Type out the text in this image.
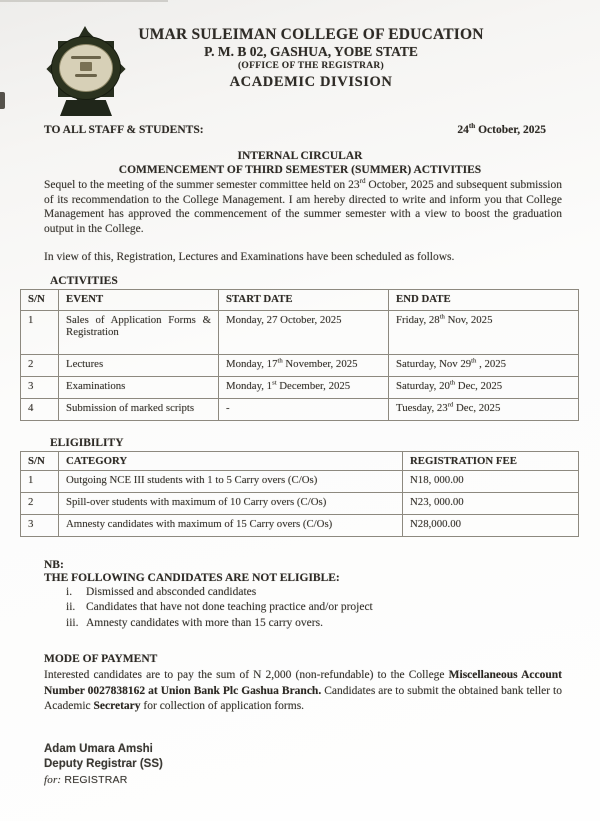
UMAR SULEIMAN COLLEGE OF EDUCATION
P. M. B 02, GASHUA, YOBE STATE
(OFFICE OF THE REGISTRAR)
ACADEMIC DIVISION
TO ALL STAFF & STUDENTS:	24th October, 2025
INTERNAL CIRCULAR
COMMENCEMENT OF THIRD SEMESTER (SUMMER) ACTIVITIES

Sequel to the meeting of the summer semester committee held on 23rd October, 2025 and subsequent submission of its recommendation to the College Management. I am hereby directed to write and inform you that College Management has approved the commencement of the summer semester with a view to boost the graduation output in the College.

In view of this, Registration, Lectures and Examinations have been scheduled as follows.

ACTIVITIES
S/N	EVENT	START DATE	END DATE
1	Sales of Application Forms & Registration	Monday, 27 October, 2025	Friday, 28th Nov, 2025
2	Lectures	Monday, 17th November, 2025	Saturday, Nov 29th , 2025
3	Examinations	Monday, 1st December, 2025	Saturday, 20th Dec, 2025
4	Submission of marked scripts	-	Tuesday, 23rd Dec, 2025
ELIGIBILITY
S/N	CATEGORY	REGISTRATION FEE
1	Outgoing NCE III students with 1 to 5 Carry overs (C/Os)	N18, 000.00
2	Spill-over students with maximum of 10 Carry overs (C/Os)	N23, 000.00
3	Amnesty candidates with maximum of 15 Carry overs (C/Os)	N28,000.00
NB:
THE FOLLOWING CANDIDATES ARE NOT ELIGIBLE:
i.	Dismissed and absconded candidates
ii. Candidates that have not done teaching practice and/or project
iii. Amnesty candidates with more than 15 carry overs.
MODE OF PAYMENT

Interested candidates are to pay the sum of N 2,000 (non-refundable) to the College Miscellaneous Account Number 0027838162 at Union Bank Plc Gashua Branch. Candidates are to submit the obtained bank teller to Academic Secretary for collection of application forms.

Adam Umara Amshi
Deputy Registrar (SS)
for: REGISTRAR
